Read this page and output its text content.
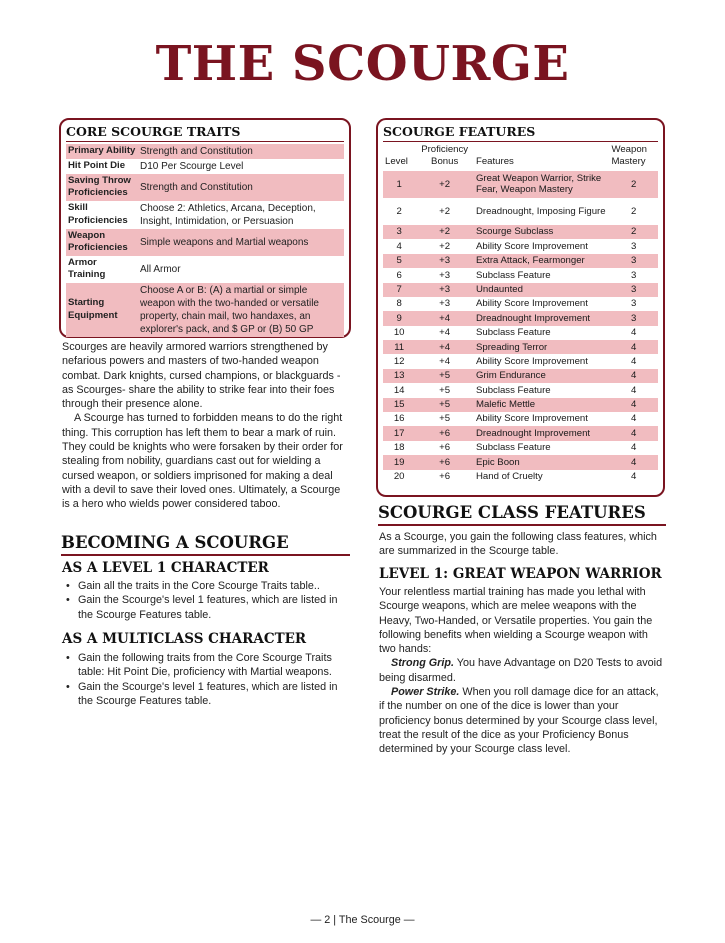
THE SCOURGE
CORE SCOURGE TRAITS
Primary Ability	Strength and Constitution
Hit Point Die	D10 Per Scourge Level
Saving Throw Proficiencies	Strength and Constitution
Skill Proficiencies	Choose 2: Athletics, Arcana, Deception, Insight, Intimidation, or Persuasion
Weapon Proficiencies	Simple weapons and Martial weapons
Armor Training	All Armor
Starting Equipment	Choose A or B: (A) a martial or simple weapon with the two-handed or versatile property, chain mail, two handaxes, an explorer's pack, and $ GP or (B) 50 GP
SCOURGE FEATURES
Level	Proficiency Bonus	Features	Weapon Mastery
1	+2	Great Weapon Warrior, Strike Fear, Weapon Mastery	2
2	+2	Dreadnought, Imposing Figure	2
3	+2	Scourge Subclass	2
4	+2	Ability Score Improvement	3
5	+3	Extra Attack, Fearmonger	3
6	+3	Subclass Feature	3
7	+3	Undaunted	3
8	+3	Ability Score Improvement	3
9	+4	Dreadnought Improvement	3
10	+4	Subclass Feature	4
11	+4	Spreading Terror	4
12	+4	Ability Score Improvement	4
13	+5	Grim Endurance	4
14	+5	Subclass Feature	4
15	+5	Malefic Mettle	4
16	+5	Ability Score Improvement	4
17	+6	Dreadnought Improvement	4
18	+6	Subclass Feature	4
19	+6	Epic Boon	4
20	+6	Hand of Cruelty	4

Scourges are heavily armored warriors strengthened by nefarious powers and masters of two-handed weapon combat. Dark knights, cursed champions, or blackguards - as Scourges- share the ability to strike fear into their foes through their presence alone.

A Scourge has turned to forbidden means to do the right thing. This corruption has left them to bear a mark of ruin. They could be knights who were forsaken by their order for stealing from nobility, guardians cast out for wielding a cursed weapon, or soldiers imprisoned for making a deal with a devil to save their loved ones. Ultimately, a Scourge is a hero who wields power considered taboo.

BECOMING A SCOURGE
AS A LEVEL 1 CHARACTER
• Gain all the traits in the Core Scourge Traits table..
• Gain the Scourge's level 1 features, which are listed in the Scourge Features table.
AS A MULTICLASS CHARACTER
• Gain the following traits from the Core Scourge Traits table: Hit Point Die, proficiency with Martial weapons.
• Gain the Scourge's level 1 features, which are listed in the Scourge Features table.
SCOURGE CLASS FEATURES
As a Scourge, you gain the following class features, which are summarized in the Scourge table.
LEVEL 1: GREAT WEAPON WARRIOR

Your relentless martial training has made you lethal with Scourge weapons, which are melee weapons with the Heavy, Two-Handed, or Versatile properties. You gain the following benefits when wielding a Scourge weapon with two hands:

Strong Grip. You have Advantage on D20 Tests to avoid being disarmed.

Power Strike. When you roll damage dice for an attack, if the number on one of the dice is lower than your proficiency bonus determined by your Scourge class level, treat the result of the dice as your Proficiency Bonus determined by your Scourge class level.

— 2 | The Scourge —
